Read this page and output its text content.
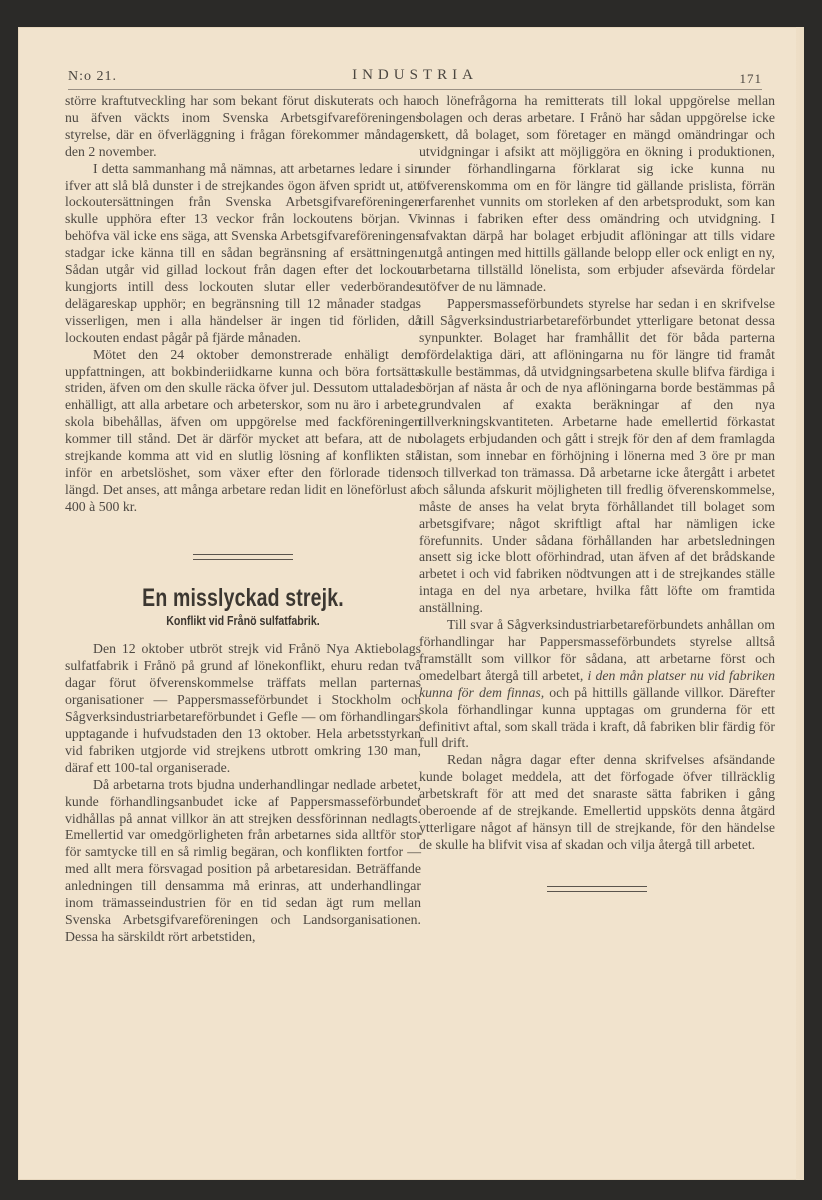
N:o 21.	INDUSTRIA	171

större kraftutveckling har som bekant förut diskuterats och har nu äfven väckts inom Svenska Arbetsgifvareföreningens styrelse, där en öfverläggning i frågan förekommer måndagen den 2 november.

I detta sammanhang må nämnas, att arbetarnes ledare i sin ifver att slå blå dunster i de strejkandes ögon äfven spridt ut, att lockoutersättningen från Svenska Arbetsgifvareföreningen skulle upphöra efter 13 veckor från lockoutens början. Vi behöfva väl icke ens säga, att Svenska Arbetsgifvareföreningens stadgar icke känna till en sådan begränsning af ersättningen. Sådan utgår vid gillad lockout från dagen efter det lockout kungjorts intill dess lockouten slutar eller vederbörandes delägareskap upphör; en begränsning till 12 månader stadgas visserligen, men i alla händelser är ingen tid förliden, då lockouten endast pågår på fjärde månaden.

Mötet den 24 oktober demonstrerade enhäligt den uppfattningen, att bokbinderiidkarne kunna och böra fortsätta striden, äfven om den skulle räcka öfver jul. Dessutom uttalades enhälligt, att alla arbetare och arbeterskor, som nu äro i arbete, skola bibehållas, äfven om uppgörelse med fackföreningen kommer till stånd. Det är därför mycket att befara, att de nu strejkande komma att vid en slutlig lösning af konflikten stå inför en arbetslöshet, som växer efter den förlorade tidens längd. Det anses, att många arbetare redan lidit en löneförlust af 400 à 500 kr.

En misslyckad strejk.

Konflikt vid Frånö sulfatfabrik.

Den 12 oktober utbröt strejk vid Frånö Nya Aktiebolags sulfatfabrik i Frånö på grund af lönekonflikt, ehuru redan två dagar förut öfverenskommelse träffats mellan parternas organisationer — Pappersmasseförbundet i Stockholm och Sågverksindustriarbetareförbundet i Gefle — om förhandlingars upptagande i hufvudstaden den 13 oktober. Hela arbetsstyrkan vid fabriken utgjorde vid strejkens utbrott omkring 130 man, däraf ett 100-tal organiserade.

Då arbetarna trots bjudna underhandlingar nedlade arbetet, kunde förhandlingsanbudet icke af Pappersmasseförbundet vidhållas på annat villkor än att strejken dessförinnan nedlagts. Emellertid var omedgörligheten från arbetarnes sida alltför stor för samtycke till en så rimlig begäran, och konflikten fortfor — med allt mera försvagad position på arbetaresidan. Beträffande anledningen till densamma må erinras, att underhandlingar inom trämasseindustrien för en tid sedan ägt rum mellan Svenska Arbetsgifvareföreningen och Landsorganisationen. Dessa ha särskildt rört arbetstiden,

och lönefrågorna ha remitterats till lokal uppgörelse mellan bolagen och deras arbetare. I Frånö har sådan uppgörelse icke skett, då bolaget, som företager en mängd omändringar och utvidgningar i afsikt att möjliggöra en ökning i produktionen, under förhandlingarna förklarat sig icke kunna nu öfverenskomma om en för längre tid gällande prislista, förrän erfarenhet vunnits om storleken af den arbetsprodukt, som kan vinnas i fabriken efter dess omändring och utvidgning. I afvaktan därpå har bolaget erbjudit aflöningar att tills vidare utgå antingen med hittills gällande belopp eller ock enligt en ny, arbetarna tillställd lönelista, som erbjuder afsevärda fördelar utöfver de nu lämnade.

Pappersmasseförbundets styrelse har sedan i en skrifvelse till Sågverksindustriarbetareförbundet ytterligare betonat dessa synpunkter. Bolaget har framhållit det för båda parterna ofördelaktiga däri, att aflöningarna nu för längre tid framåt skulle bestämmas, då utvidgningsarbetena skulle blifva färdiga i början af nästa år och de nya aflöningarna borde bestämmas på grundvalen af exakta beräkningar af den nya tillverkningskvantiteten. Arbetarne hade emellertid förkastat bolagets erbjudanden och gått i strejk för den af dem framlagda listan, som innebar en förhöjning i lönerna med 3 öre pr man och tillverkad ton trämassa. Då arbetarne icke återgått i arbetet och sålunda afskurit möjligheten till fredlig öfverenskommelse, måste de anses ha velat bryta förhållandet till bolaget som arbetsgifvare; något skriftligt aftal har nämligen icke förefunnits. Under sådana förhållanden har arbetsledningen ansett sig icke blott oförhindrad, utan äfven af det brådskande arbetet i och vid fabriken nödtvungen att i de strejkandes ställe intaga en del nya arbetare, hvilka fått löfte om framtida anställning.

Till svar å Sågverksindustriarbetareförbundets anhållan om förhandlingar har Pappersmasseförbundets styrelse alltså framställt som villkor för sådana, att arbetarne först och omedelbart återgå till arbetet, i den mån platser nu vid fabriken kunna för dem finnas, och på hittills gällande villkor. Därefter skola förhandlingar kunna upptagas om grunderna för ett definitivt aftal, som skall träda i kraft, då fabriken blir färdig för full drift.

Redan några dagar efter denna skrifvelses afsändande kunde bolaget meddela, att det förfogade öfver tillräcklig arbetskraft för att med det snaraste sätta fabriken i gång oberoende af de strejkande. Emellertid uppsköts denna åtgärd ytterligare något af hänsyn till de strejkande, för den händelse de skulle ha blifvit visa af skadan och vilja återgå till arbetet.
